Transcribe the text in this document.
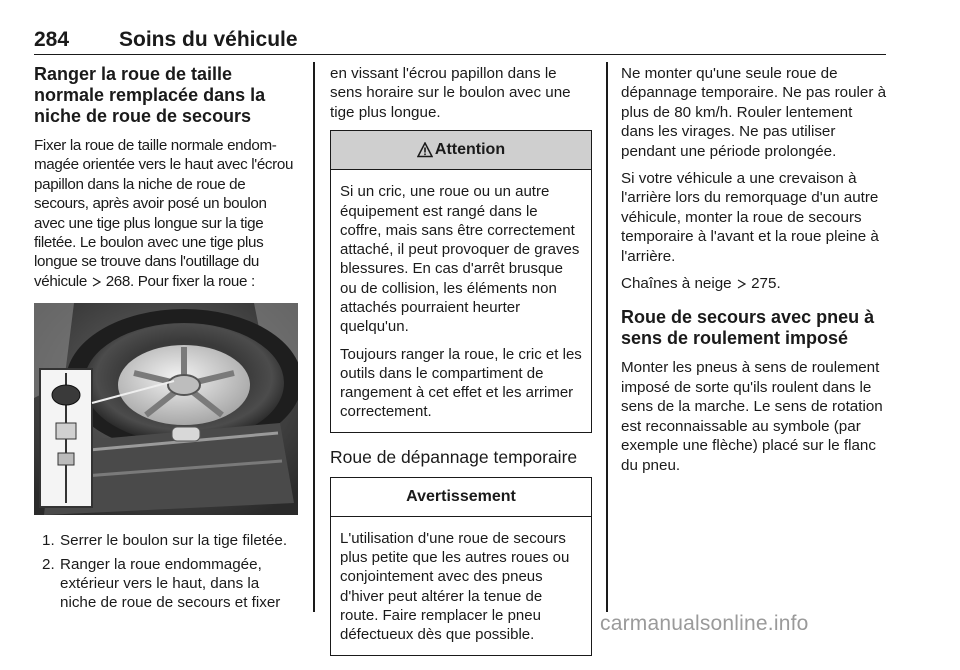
284 Soins du véhicule
Ranger la roue de taille normale remplacée dans la niche de roue de secours

Fixer la roue de taille normale endommagée orientée vers le haut avec l'écrou papillon dans la niche de roue de secours, après avoir posé un boulon avec une tige plus longue sur la tige filetée. Le boulon avec une tige plus longue se trouve dans l'outillage du véhicule 268. Pour fixer la roue :

1. Serrer le boulon sur la tige filetée.
2. Ranger la roue endommagée, extérieur vers le haut, dans la niche de roue de secours et fixer

en vissant l'écrou papillon dans le sens horaire sur le boulon avec une tige plus longue.

Attention

Si un cric, une roue ou un autre équipement est rangé dans le coffre, mais sans être correctement attaché, il peut provoquer de graves blessures. En cas d'arrêt brusque ou de collision, les éléments non attachés pourraient heurter quelqu'un.

Toujours ranger la roue, le cric et les outils dans le compartiment de rangement à cet effet et les arrimer correctement.

Roue de dépannage temporaire
Avertissement

L'utilisation d'une roue de secours plus petite que les autres roues ou conjointement avec des pneus d'hiver peut altérer la tenue de route. Faire remplacer le pneu défectueux dès que possible.

Ne monter qu'une seule roue de dépannage temporaire. Ne pas rouler à plus de 80 km/h. Rouler lentement dans les virages. Ne pas utiliser pendant une période prolongée.

Si votre véhicule a une crevaison à l'arrière lors du remorquage d'un autre véhicule, monter la roue de secours temporaire à l'avant et la roue pleine à l'arrière.

Chaînes à neige 275.

Roue de secours avec pneu à sens de roulement imposé

Monter les pneus à sens de roulement imposé de sorte qu'ils roulent dans le sens de la marche. Le sens de rotation est reconnaissable au symbole (par exemple une flèche) placé sur le flanc du pneu.

carmanualsonline.info
